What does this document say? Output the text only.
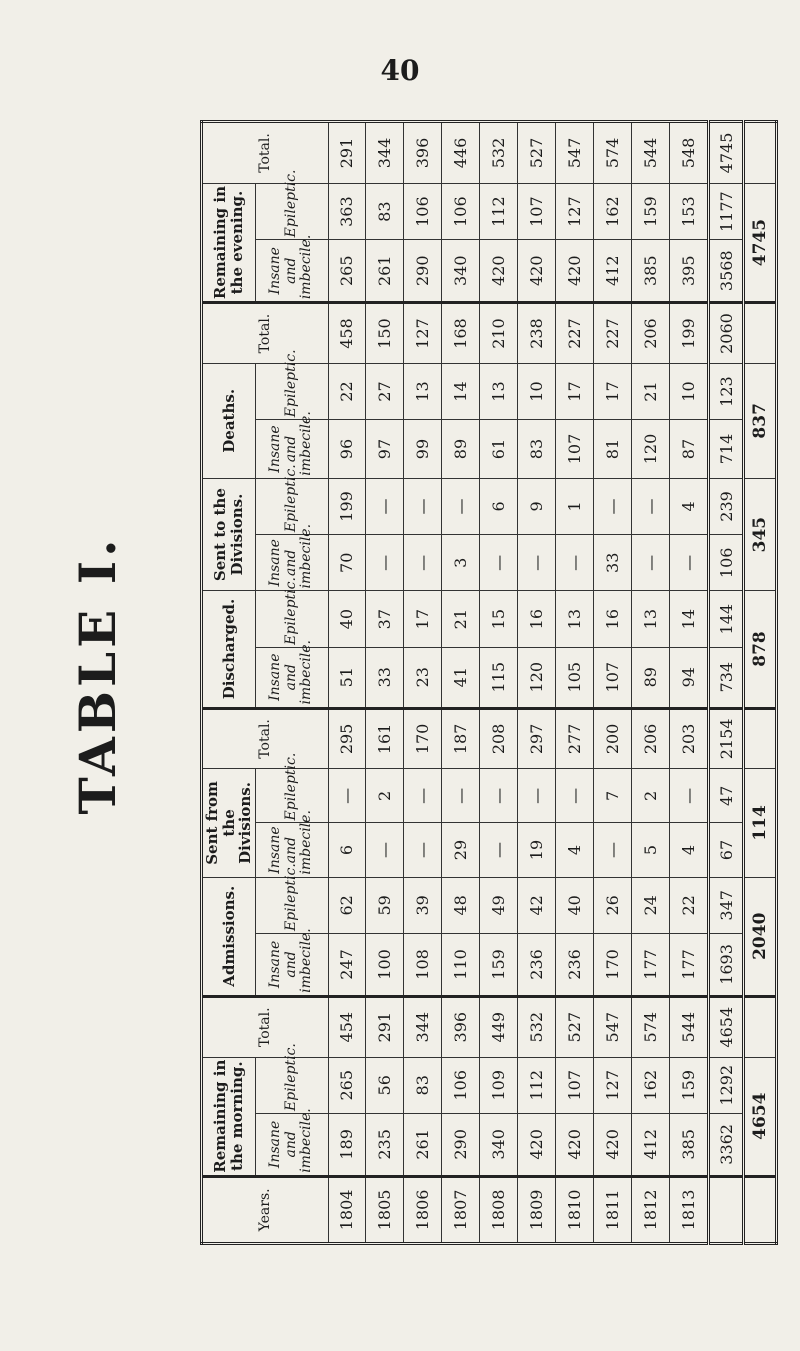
40
TABLE I.
Years.	Remaining in the morning.		Total.	Admissions.		Sent from the Divisions.		Total.	Discharged.		Sent to the Divisions.		Deaths.		Total.	Remaining in the evening.		Total.
	Insane and imbecile.	Epileptic.		Insane and imbecile.	Epileptic.	Insane and imbecile.	Epileptic.		Insane and imbecile.	Epileptic.	Insane and imbecile.	Epileptic.	Insane and imbecile.	Epileptic.		Insane and imbecile.	Epileptic.	
1804	189	265	454	247	62	6	—	295	51	40	70	199	96	22	458	265	363	291
1805	235	56	291	100	59	—	2	161	33	37	—	—	97	27	150	261	83	344
1806	261	83	344	108	39	—	—	170	23	17	—	—	99	13	127	290	106	396
1807	290	106	396	110	48	29	—	187	41	21	3	—	89	14	168	340	106	446
1808	340	109	449	159	49	—	—	208	115	15	—	6	61	13	210	420	112	532
1809	420	112	532	236	42	19	—	297	120	16	—	9	83	10	238	420	107	527
1810	420	107	527	236	40	4	—	277	105	13	—	1	107	17	227	420	127	547
1811	420	127	547	170	26	—	7	200	107	16	33	—	81	17	227	412	162	574
1812	412	162	574	177	24	5	2	206	89	13	—	—	120	21	206	385	159	544
1813	385	159	544	177	22	4	—	203	94	14	—	4	87	10	199	395	153	548
	3362	1292	4654	1693	347	67	47	2154	734	144	106	239	714	123	2060	3568	1177	4745
	4654			2040		114			878		345		837			4745		
